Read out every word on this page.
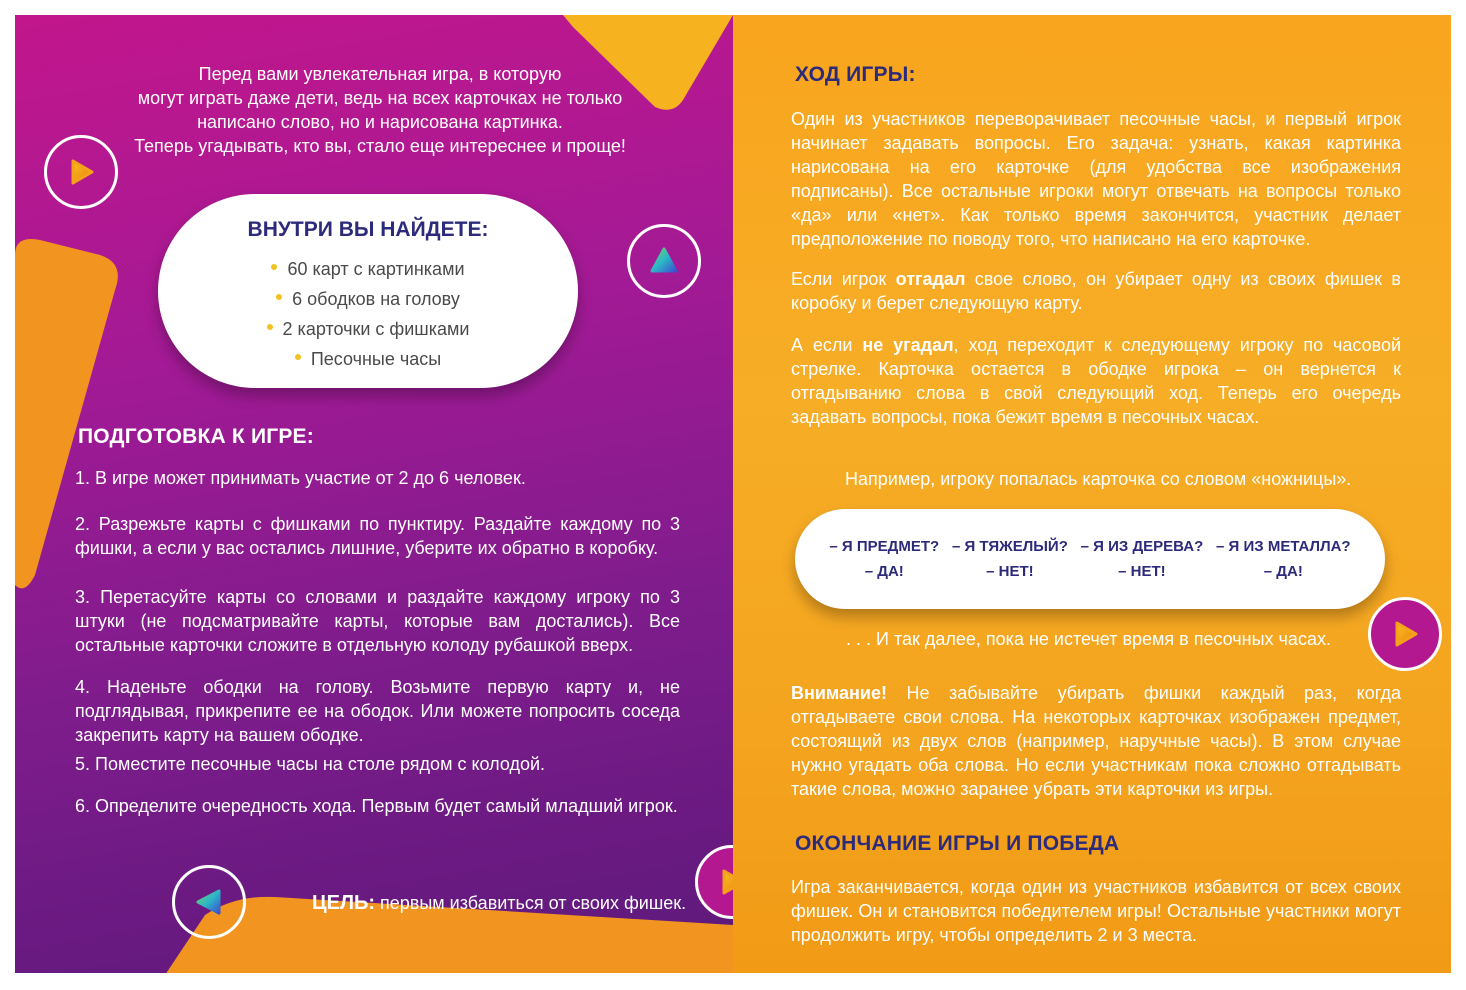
Перед вами увлекательная игра, в которую
могут играть даже дети, ведь на всех карточках не только
написано слово, но и нарисована картинка.
Теперь угадывать, кто вы, стало еще интереснее и проще!
ВНУТРИ ВЫ НАЙДЕТЕ:
60 карт с картинками
6 ободков на голову
2 карточки с фишками
Песочные часы
ПОДГОТОВКА К ИГРЕ:
1. В игре может принимать участие от 2 до 6 человек.
2. Разрежьте карты с фишками по пунктиру. Раздайте каждому по 3 фишки, а если у вас остались лишние, уберите их обратно в коробку.
3. Перетасуйте карты со словами и раздайте каждому игроку по 3 штуки (не подсматривайте карты, которые вам достались). Все остальные карточки сложите в отдельную колоду рубашкой вверх.
4. Наденьте ободки на голову. Возьмите первую карту и, не подглядывая, прикрепите ее на ободок. Или можете попросить соседа закрепить карту на вашем ободке.
5. Поместите песочные часы на столе рядом с колодой.
6. Определите очередность хода. Первым будет самый младший игрок.
ЦЕЛЬ: первым избавиться от своих фишек.
ХОД ИГРЫ:
Один из участников переворачивает песочные часы, и первый игрок начинает задавать вопросы. Его задача: узнать, какая картинка нарисована на его карточке (для удобства все изображения подписаны). Все остальные игроки могут отвечать на вопросы только «да» или «нет». Как только время закончится, участник делает предположение по поводу того, что написано на его карточке.
Если игрок отгадал свое слово, он убирает одну из своих фишек в коробку и берет следующую карту.
А если не угадал, ход переходит к следующему игроку по часовой стрелке. Карточка остается в ободке игрока – он вернется к отгадыванию слова в свой следующий ход. Теперь его очередь задавать вопросы, пока бежит время в песочных часах.
Например, игроку попалась карточка со словом «ножницы».
– Я ПРЕДМЕТ?
– ДА!
– Я ТЯЖЕЛЫЙ?
– НЕТ!
– Я ИЗ ДЕРЕВА?
– НЕТ!
– Я ИЗ МЕТАЛЛА?
– ДА!
. . . И так далее, пока не истечет время в песочных часах.
Внимание! Не забывайте убирать фишки каждый раз, когда отгадываете свои слова. На некоторых карточках изображен предмет, состоящий из двух слов (например, наручные часы). В этом случае нужно угадать оба слова. Но если участникам пока сложно отгадывать такие слова, можно заранее убрать эти карточки из игры.
ОКОНЧАНИЕ ИГРЫ И ПОБЕДА
Игра заканчивается, когда один из участников избавится от всех своих фишек. Он и становится победителем игры! Остальные участники могут продолжить игру, чтобы определить 2 и 3 места.
